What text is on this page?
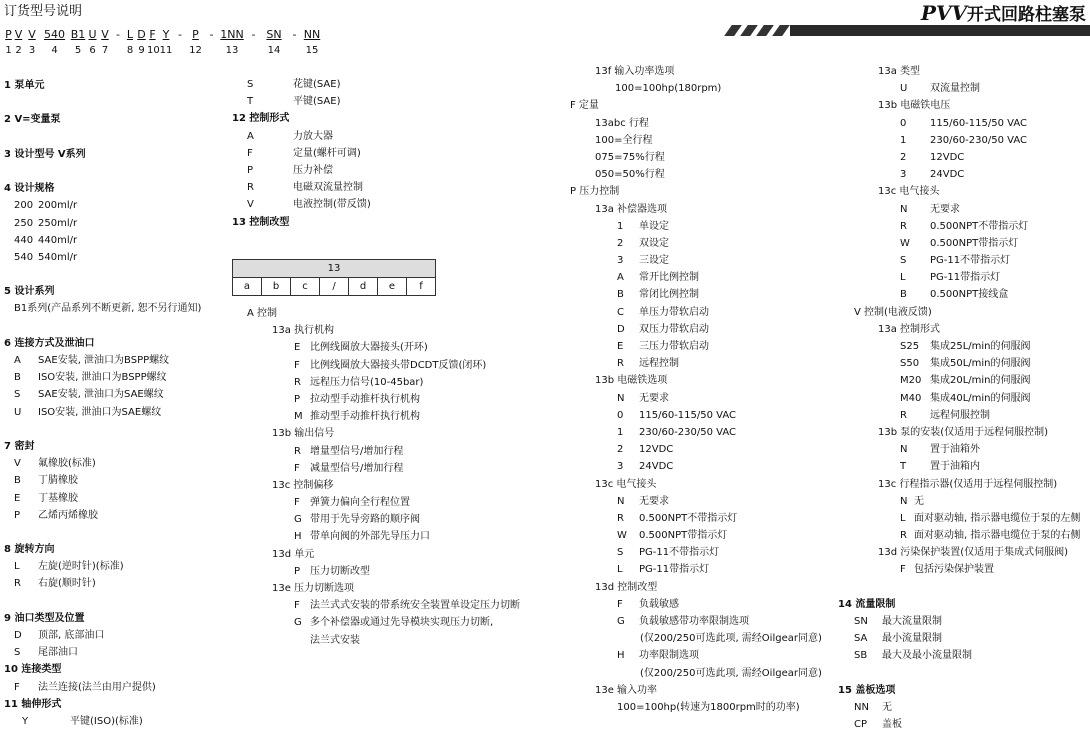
订货型号说明	PVV开式回路柱塞泵
P V V 540 B1 U V - L D F Y - P - 1NN - SN - NN
1 2 3 4 5 6 7 8 9 1011 12 13	14	15
1 泵单元
2 V=变量泵
3 设计型号 V系列
4 设计规格
200 200ml/r
250 250ml/r
440 440ml/r
540 540ml/r
5 设计系列
B1系列(产品系列不断更新, 恕不另行通知)
6 连接方式及泄油口
A SAE安装, 泄油口为BSPP螺纹
B ISO安装, 泄油口为BSPP螺纹
S SAE安装, 泄油口为SAE螺纹
U ISO安装, 泄油口为SAE螺纹
7 密封
V 氟橡胶(标准)
B 丁腈橡胶
E 丁基橡胶
P 乙烯丙烯橡胶
8 旋转方向
L 左旋(逆时针)(标准)
R 右旋(顺时针)
9 油口类型及位置
D 顶部, 底部油口
S 尾部油口
10 连接类型
F 法兰连接(法兰由用户提供)
11 轴伸形式
Y	平键(ISO)(标准)
S	花键(SAE)
T	平键(SAE)
12 控制形式
A	力放大器
F	定量(螺杆可调)
P	压力补偿
R	电磁双流量控制
V	电液控制(带反馈)
13 控制改型
13
a	b	c	/	d	e	f
A 控制
13a 执行机构
E 比例线圈放大器接头(开环)
F 比例线圈放大器接头带DCDT反馈(闭环)
R 远程压力信号(10-45bar)
P 拉动型手动推杆执行机构
M 推动型手动推杆执行机构
13b 输出信号
R 增量型信号/增加行程
F 减量型信号/增加行程
13c 控制偏移
F 弹簧力偏向全行程位置
G 带用于先导旁路的顺序阀
H 带单向阀的外部先导压力口
13d 单元
P 压力切断改型
13e 压力切断选项
F 法兰式式安装的带系统安全装置单设定压力切断
G 多个补偿器或通过先导模块实现压力切断,
法兰式安装
13f 输入功率选项
100=100hp(180rpm)
F 定量
13abc 行程
100=全行程
075=75%行程
050=50%行程
P 压力控制
13a 补偿器选项
1 单设定
2 双设定
3 三设定
A 常开比例控制
B 常闭比例控制
C 单压力带软启动
D 双压力带软启动
E 三压力带软启动
R 远程控制
13b 电磁铁选项
N 无要求
0 115/60-115/50 VAC
1 230/60-230/50 VAC
2 12VDC
3 24VDC
13c 电气接头
N 无要求
R 0.500NPT不带指示灯
W 0.500NPT带指示灯
S PG-11不带指示灯
L PG-11带指示灯
13d 控制改型
F 负载敏感
G 负载敏感带功率限制选项
(仅200/250可选此项, 需经Oilgear同意)
H 功率限制选项
(仅200/250可选此项, 需经Oilgear同意)
13e 输入功率
100=100hp(转速为1800rpm时的功率)
13a 类型
U 双流量控制
13b 电磁铁电压
0 115/60-115/50 VAC
1 230/60-230/50 VAC
2 12VDC
3 24VDC
13c 电气接头
N 无要求
R 0.500NPT不带指示灯
W 0.500NPT带指示灯
S PG-11不带指示灯
L PG-11带指示灯
B 0.500NPT接线盒
V 控制(电液反馈)
13a 控制形式
S25 集成25L/min的伺服阀
S50 集成50L/min的伺服阀
M20 集成20L/min的伺服阀
M40 集成40L/min的伺服阀
R 远程伺服控制
13b 泵的安装(仅适用于远程伺服控制)
N 置于油箱外
T 置于油箱内
13c 行程指示器(仅适用于远程伺服控制)
N 无
L 面对驱动轴, 指示器电缆位于泵的左侧
R 面对驱动轴, 指示器电缆位于泵的右侧
13d 污染保护装置(仅适用于集成式伺服阀)
F 包括污染保护装置
14 流量限制
SN 最大流量限制
SA 最小流量限制
SB 最大及最小流量限制
15 盖板选项
NN 无
CP 盖板
